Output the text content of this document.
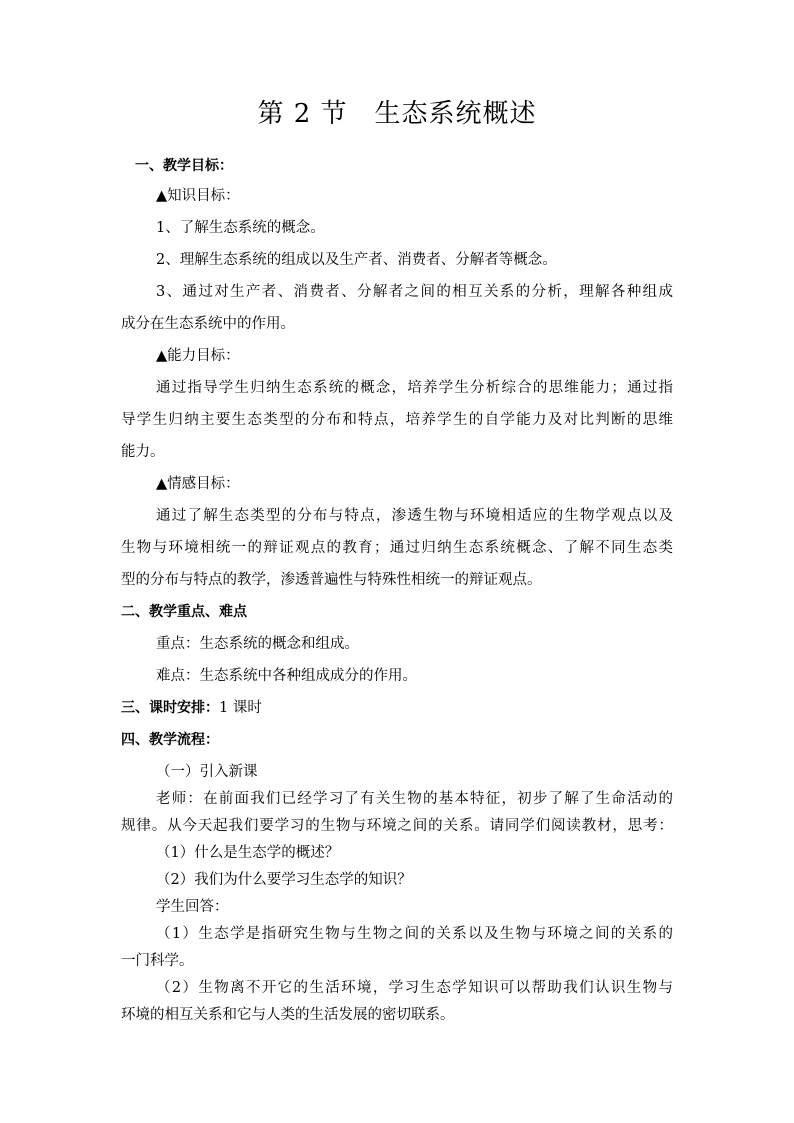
第 2 节　生态系统概述
一、教学目标：
▲知识目标：
1、了解生态系统的概念。
2、理解生态系统的组成以及生产者、消费者、分解者等概念。
3、通过对生产者、消费者、分解者之间的相互关系的分析，理解各种组成
成分在生态系统中的作用。
▲能力目标：
通过指导学生归纳生态系统的概念，培养学生分析综合的思维能力；通过指
导学生归纳主要生态类型的分布和特点，培养学生的自学能力及对比判断的思维
能力。
▲情感目标：
通过了解生态类型的分布与特点，渗透生物与环境相适应的生物学观点以及
生物与环境相统一的辩证观点的教育；通过归纳生态系统概念、了解不同生态类
型的分布与特点的教学，渗透普遍性与特殊性相统一的辩证观点。
二、教学重点、难点
重点：生态系统的概念和组成。
难点：生态系统中各种组成成分的作用。
三、课时安排：1 课时
四、教学流程：
（一）引入新课
老师：在前面我们已经学习了有关生物的基本特征，初步了解了生命活动的
规律。从今天起我们要学习的生物与环境之间的关系。请同学们阅读教材，思考：
（1）什么是生态学的概述？
（2）我们为什么要学习生态学的知识？
学生回答：
（1）生态学是指研究生物与生物之间的关系以及生物与环境之间的关系的
一门科学。
（2）生物离不开它的生活环境，学习生态学知识可以帮助我们认识生物与
环境的相互关系和它与人类的生活发展的密切联系。
